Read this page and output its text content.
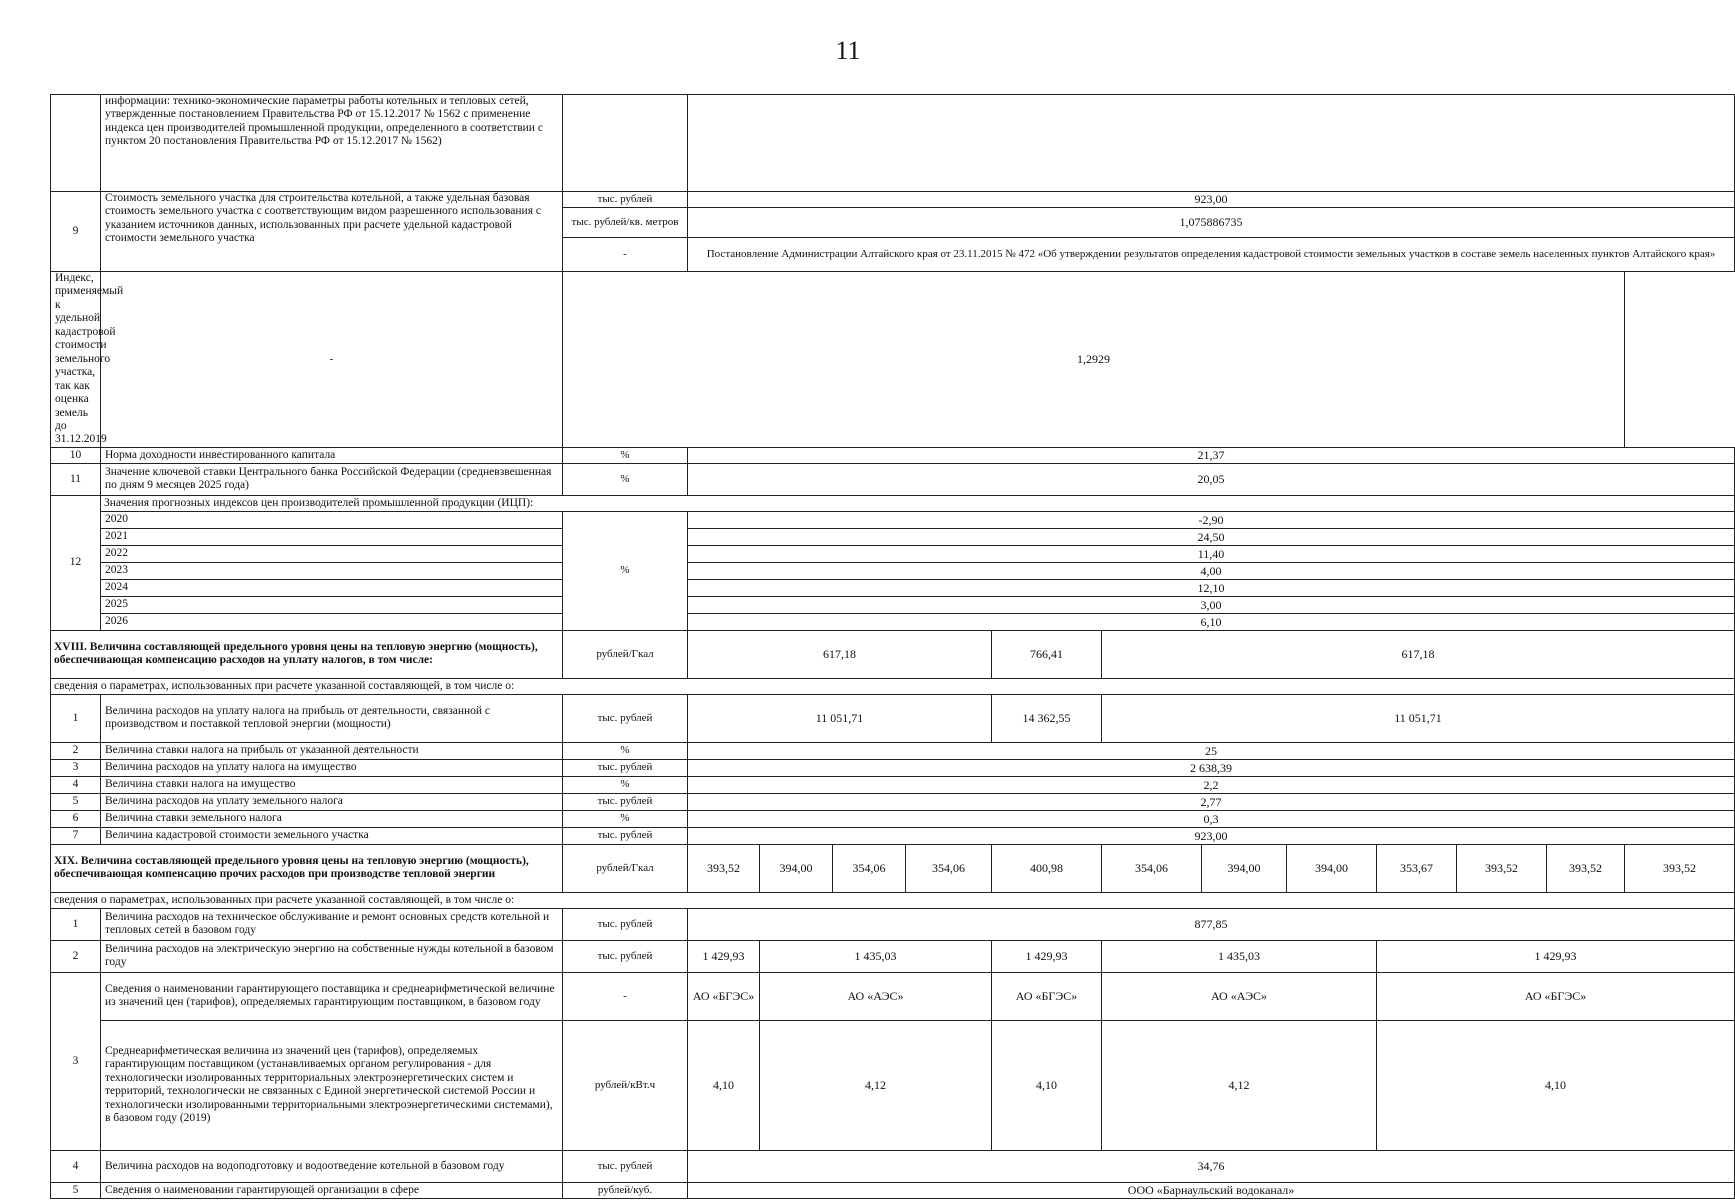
11
	информации: технико-экономические параметры работы котельных и тепловых сетей, утвержденные постановлением Правительства РФ от 15.12.2017 № 1562 с применение индекса цен производителей промышленной продукции, определенного в соответствии с пунктом 20 постановления Правительства РФ от 15.12.2017 № 1562)													
9	Стоимость земельного участка для строительства котельной, а также удельная базовая стоимость земельного участка с соответствующим видом разрешенного использования с указанием источников данных, использованных при расчете удельной кадастровой стоимости земельного участка	тыс. рублей	923,00											
		тыс. рублей/кв. метров	1,075886735											
		-	Постановление Администрации Алтайского края от 23.11.2015 № 472 «Об утверждении результатов определения кадастровой стоимости земельных участков в составе земель населенных пунктов Алтайского края»											
Индекс, применяемый к удельной кадастровой стоимости земельного участка, так как оценка земель до 31.12.2019	-	1,2929												
10	Норма доходности инвестированного капитала	%	21,37											
11	Значение ключевой ставки Центрального банка Российской Федерации (средневзвешенная по дням 9 месяцев 2025 года)	%	20,05											
12	Значения прогнозных индексов цен производителей промышленной продукции (ИЦП):													
	2020	%	-2,90											
	2021		24,50											
	2022		11,40											
	2023		4,00											
	2024		12,10											
	2025		3,00											
	2026		6,10											
XVIII. Величина составляющей предельного уровня цены на тепловую энергию (мощность), обеспечивающая компенсацию расходов на уплату налогов, в том числе:		рублей/Гкал	617,18				766,41	617,18						
сведения о параметрах, использованных при расчете указанной составляющей, в том числе о:														
1	Величина расходов на уплату налога на прибыль от деятельности, связанной с производством и поставкой тепловой энергии (мощности)	тыс. рублей	11 051,71				14 362,55	11 051,71						
2	Величина ставки налога на прибыль от указанной деятельности	%	25											
3	Величина расходов на уплату налога на имущество	тыс. рублей	2 638,39											
4	Величина ставки налога на имущество	%	2,2											
5	Величина расходов на уплату земельного налога	тыс. рублей	2,77											
6	Величина ставки земельного налога	%	0,3											
7	Величина кадастровой стоимости земельного участка	тыс. рублей	923,00											
XIX. Величина составляющей предельного уровня цены на тепловую энергию (мощность), обеспечивающая компенсацию прочих расходов при производстве тепловой энергии		рублей/Гкал	393,52	394,00	354,06	354,06	400,98	354,06	394,00	394,00	353,67	393,52	393,52	393,52
сведения о параметрах, использованных при расчете указанной составляющей, в том числе о:														
1	Величина расходов на техническое обслуживание и ремонт основных средств котельной и тепловых сетей в базовом году	тыс. рублей	877,85											
2	Величина расходов на электрическую энергию на собственные нужды котельной в базовом году	тыс. рублей	1 429,93	1 435,03			1 429,93	1 435,03			1 429,93			
3	Сведения о наименовании гарантирующего поставщика и среднеарифметической величине из значений цен (тарифов), определяемых гарантирующим поставщиком, в базовом году	-	АО «БГЭС»	АО «АЭС»			АО «БГЭС»	АО «АЭС»			АО «БГЭС»			
	Среднеарифметическая величина из значений цен (тарифов), определяемых гарантирующим поставщиком (устанавливаемых органом регулирования - для технологически изолированных территориальных электроэнергетических систем и территорий, технологически не связанных с Единой энергетической системой России и технологически изолированными территориальными электроэнергетическими системами), в базовом году (2019)	рублей/кВт.ч	4,10	4,12			4,10	4,12			4,10			
4	Величина расходов на водоподготовку и водоотведение котельной в базовом году	тыс. рублей	34,76											
5	Сведения о наименовании гарантирующей организации в сфере	рублей/куб.	ООО «Барнаульский водоканал»											
